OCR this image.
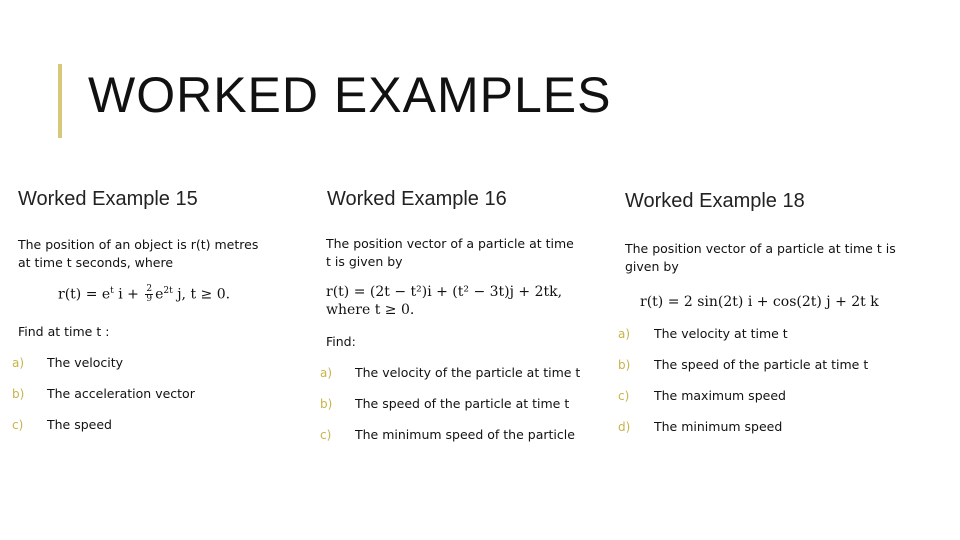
WORKED EXAMPLES
Worked Example 15
The position of an object is r(t) metres
at time t seconds, where
$r(t) = e^t$ $i + \frac{2}{9} e^{2t}$ j, t ≥ 0.
Find at time t :
a) The velocity
b) The acceleration vector
c) The speed
Worked Example 16
The position vector of a particle at time
t is given by
r(t) = (2t − t²)i + (t² − 3t)j + 2tk,
where t ≥ 0.
Find:
a) The velocity of the particle at time t
b) The speed of the particle at time t
c) The minimum speed of the particle
Worked Example 18
The position vector of a particle at time t is
given by
r(t) = 2 sin(2t) i + cos(2t) j + 2t k
a) The velocity at time t
b) The speed of the particle at time t
c) The maximum speed
d) The minimum speed
